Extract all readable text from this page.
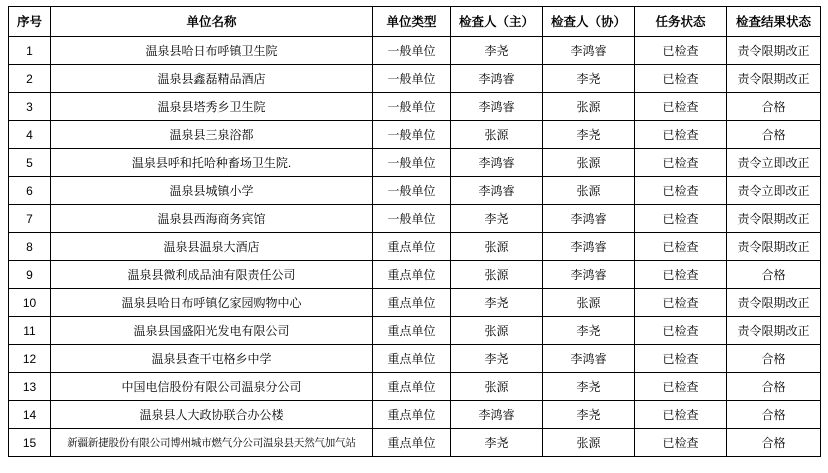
序号	单位名称	单位类型	检查人（主）	检查人（协）	任务状态	检查结果状态
1	温泉县哈日布呼镇卫生院	一般单位	李尧	李鸿睿	已检查	责令限期改正
2	温泉县鑫磊精品酒店	一般单位	李鸿睿	李尧	已检查	责令限期改正
3	温泉县塔秀乡卫生院	一般单位	李鸿睿	张源	已检查	合格
4	温泉县三泉浴都	一般单位	张源	李尧	已检查	合格
5	温泉县呼和托哈种畜场卫生院.	一般单位	李鸿睿	张源	已检查	责令立即改正
6	温泉县城镇小学	一般单位	李鸿睿	张源	已检查	责令立即改正
7	温泉县西海商务宾馆	一般单位	李尧	李鸿睿	已检查	责令限期改正
8	温泉县温泉大酒店	重点单位	张源	李鸿睿	已检查	责令限期改正
9	温泉县微利成品油有限责任公司	重点单位	张源	李鸿睿	已检查	合格
10	温泉县哈日布呼镇亿家园购物中心	重点单位	李尧	张源	已检查	责令限期改正
11	温泉县国盛阳光发电有限公司	重点单位	张源	李尧	已检查	责令限期改正
12	温泉县查干屯格乡中学	重点单位	李尧	李鸿睿	已检查	合格
13	中国电信股份有限公司温泉分公司	重点单位	张源	李尧	已检查	合格
14	温泉县人大政协联合办公楼	重点单位	李鸿睿	李尧	已检查	合格
15	新疆新捷股份有限公司博州城市燃气分公司温泉县天然气加气站	重点单位	李尧	张源	已检查	合格
